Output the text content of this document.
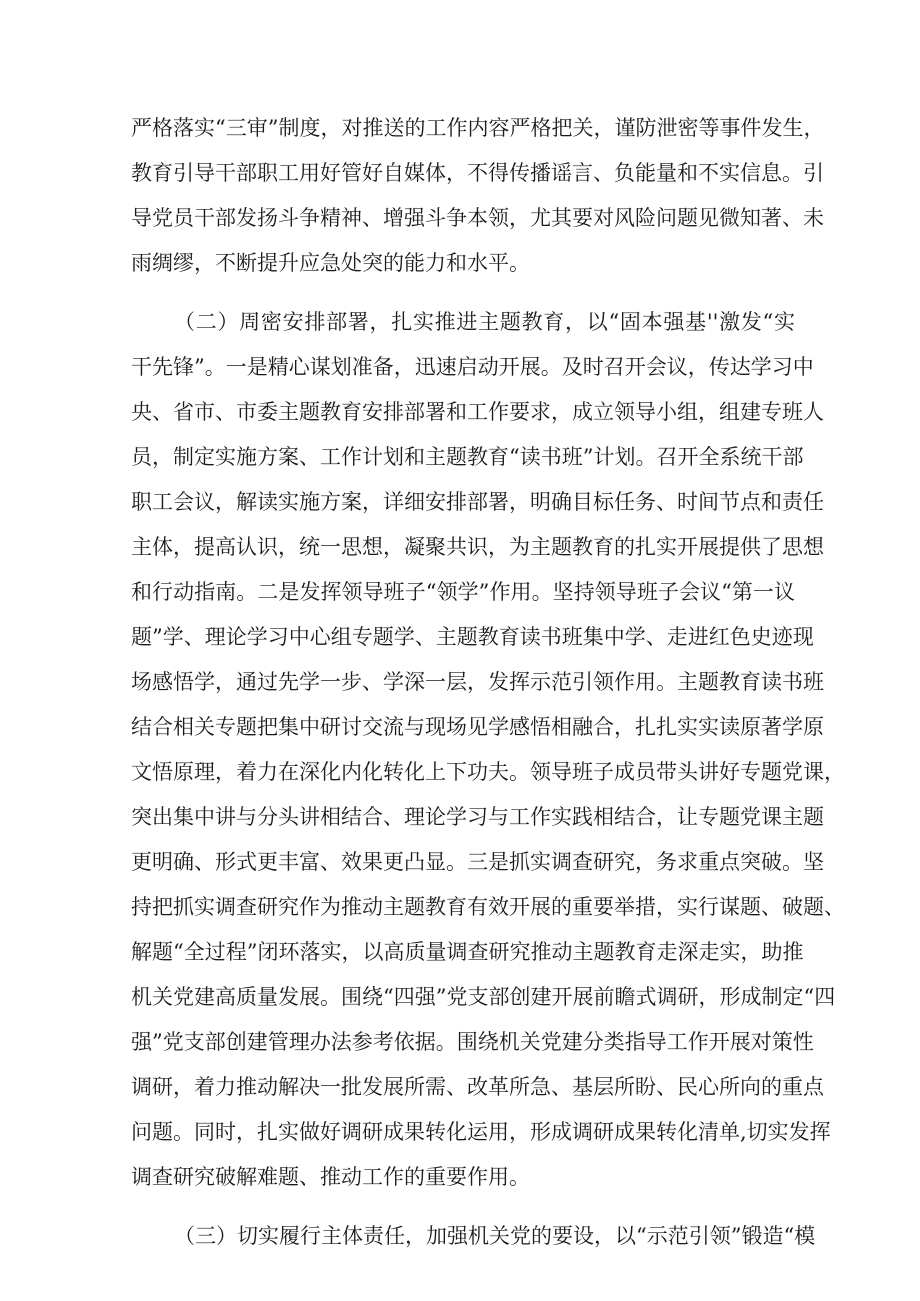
严格落实“三审”制度，对推送的工作内容严格把关，谨防泄密等事件发生，

教育引导干部职工用好管好自媒体，不得传播谣言、负能量和不实信息。引

导党员干部发扬斗争精神、增强斗争本领，尤其要对风险问题见微知著、未

雨绸缪，不断提升应急处突的能力和水平。

（二）周密安排部署，扎实推进主题教育，以“固本强基''激发“实

干先锋”。一是精心谋划准备，迅速启动开展。及时召开会议，传达学习中

央、省市、市委主题教育安排部署和工作要求，成立领导小组，组建专班人

员，制定实施方案、工作计划和主题教育“读书班”计划。召开全系统干部

职工会议，解读实施方案，详细安排部署，明确目标任务、时间节点和责任

主体，提高认识，统一思想，凝聚共识，为主题教育的扎实开展提供了思想

和行动指南。二是发挥领导班子“领学”作用。坚持领导班子会议“第一议

题”学、理论学习中心组专题学、主题教育读书班集中学、走进红色史迹现

场感悟学，通过先学一步、学深一层，发挥示范引领作用。主题教育读书班

结合相关专题把集中研讨交流与现场见学感悟相融合，扎扎实实读原著学原

文悟原理，着力在深化内化转化上下功夫。领导班子成员带头讲好专题党课，

突出集中讲与分头讲相结合、理论学习与工作实践相结合，让专题党课主题

更明确、形式更丰富、效果更凸显。三是抓实调查研究，务求重点突破。坚

持把抓实调查研究作为推动主题教育有效开展的重要举措，实行谋题、破题、

解题“全过程”闭环落实，以高质量调查研究推动主题教育走深走实，助推

机关党建高质量发展。围绕“四强”党支部创建开展前瞻式调研，形成制定“四

强”党支部创建管理办法参考依据。围绕机关党建分类指导工作开展对策性

调研，着力推动解决一批发展所需、改革所急、基层所盼、民心所向的重点

问题。同时，扎实做好调研成果转化运用，形成调研成果转化清单,切实发挥

调查研究破解难题、推动工作的重要作用。

（三）切实履行主体责任，加强机关党的要设，以“示范引领”锻造“模
